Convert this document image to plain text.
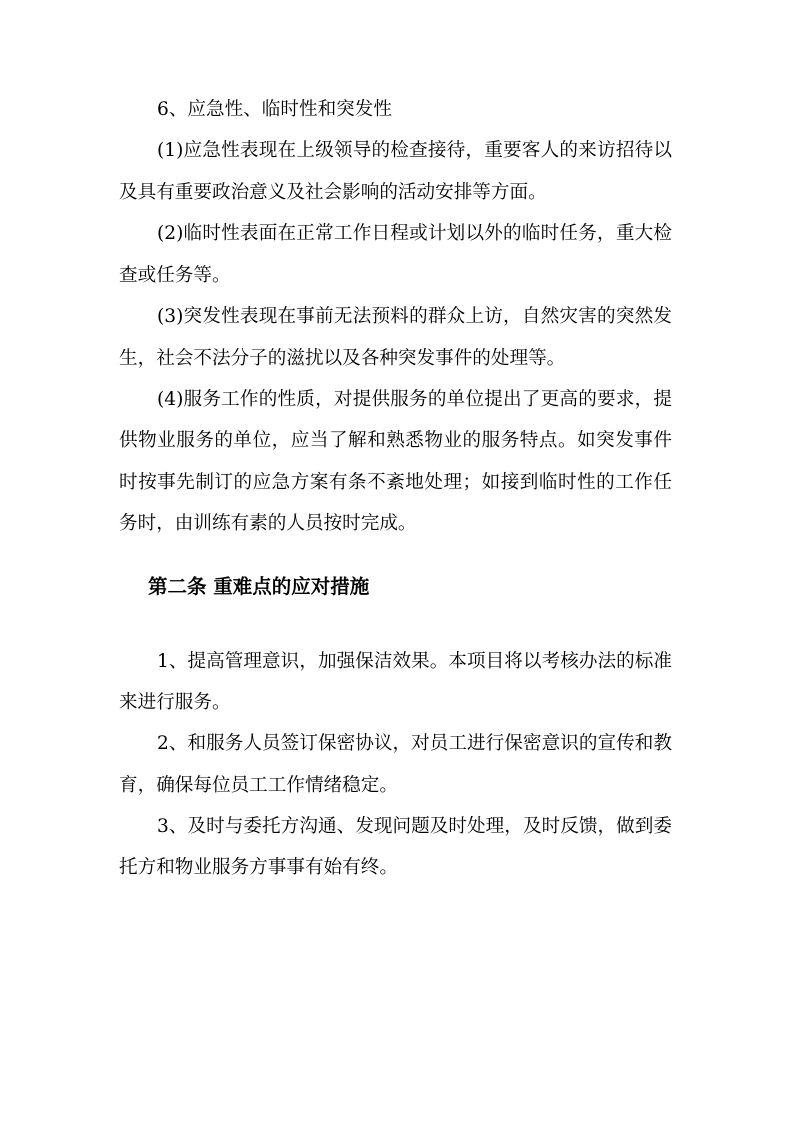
6、应急性、临时性和突发性
(1)应急性表现在上级领导的检查接待，重要客人的来访招待以
及具有重要政治意义及社会影响的活动安排等方面。
(2)临时性表面在正常工作日程或计划以外的临时任务，重大检
查或任务等。
(3)突发性表现在事前无法预料的群众上访，自然灾害的突然发
生，社会不法分子的滋扰以及各种突发事件的处理等。
(4)服务工作的性质，对提供服务的单位提出了更高的要求，提
供物业服务的单位，应当了解和熟悉物业的服务特点。如突发事件
时按事先制订的应急方案有条不紊地处理；如接到临时性的工作任
务时，由训练有素的人员按时完成。
第二条 重难点的应对措施
1、提高管理意识，加强保洁效果。本项目将以考核办法的标准
来进行服务。
2、和服务人员签订保密协议，对员工进行保密意识的宣传和教
育，确保每位员工工作情绪稳定。
3、及时与委托方沟通、发现问题及时处理，及时反馈，做到委
托方和物业服务方事事有始有终。
